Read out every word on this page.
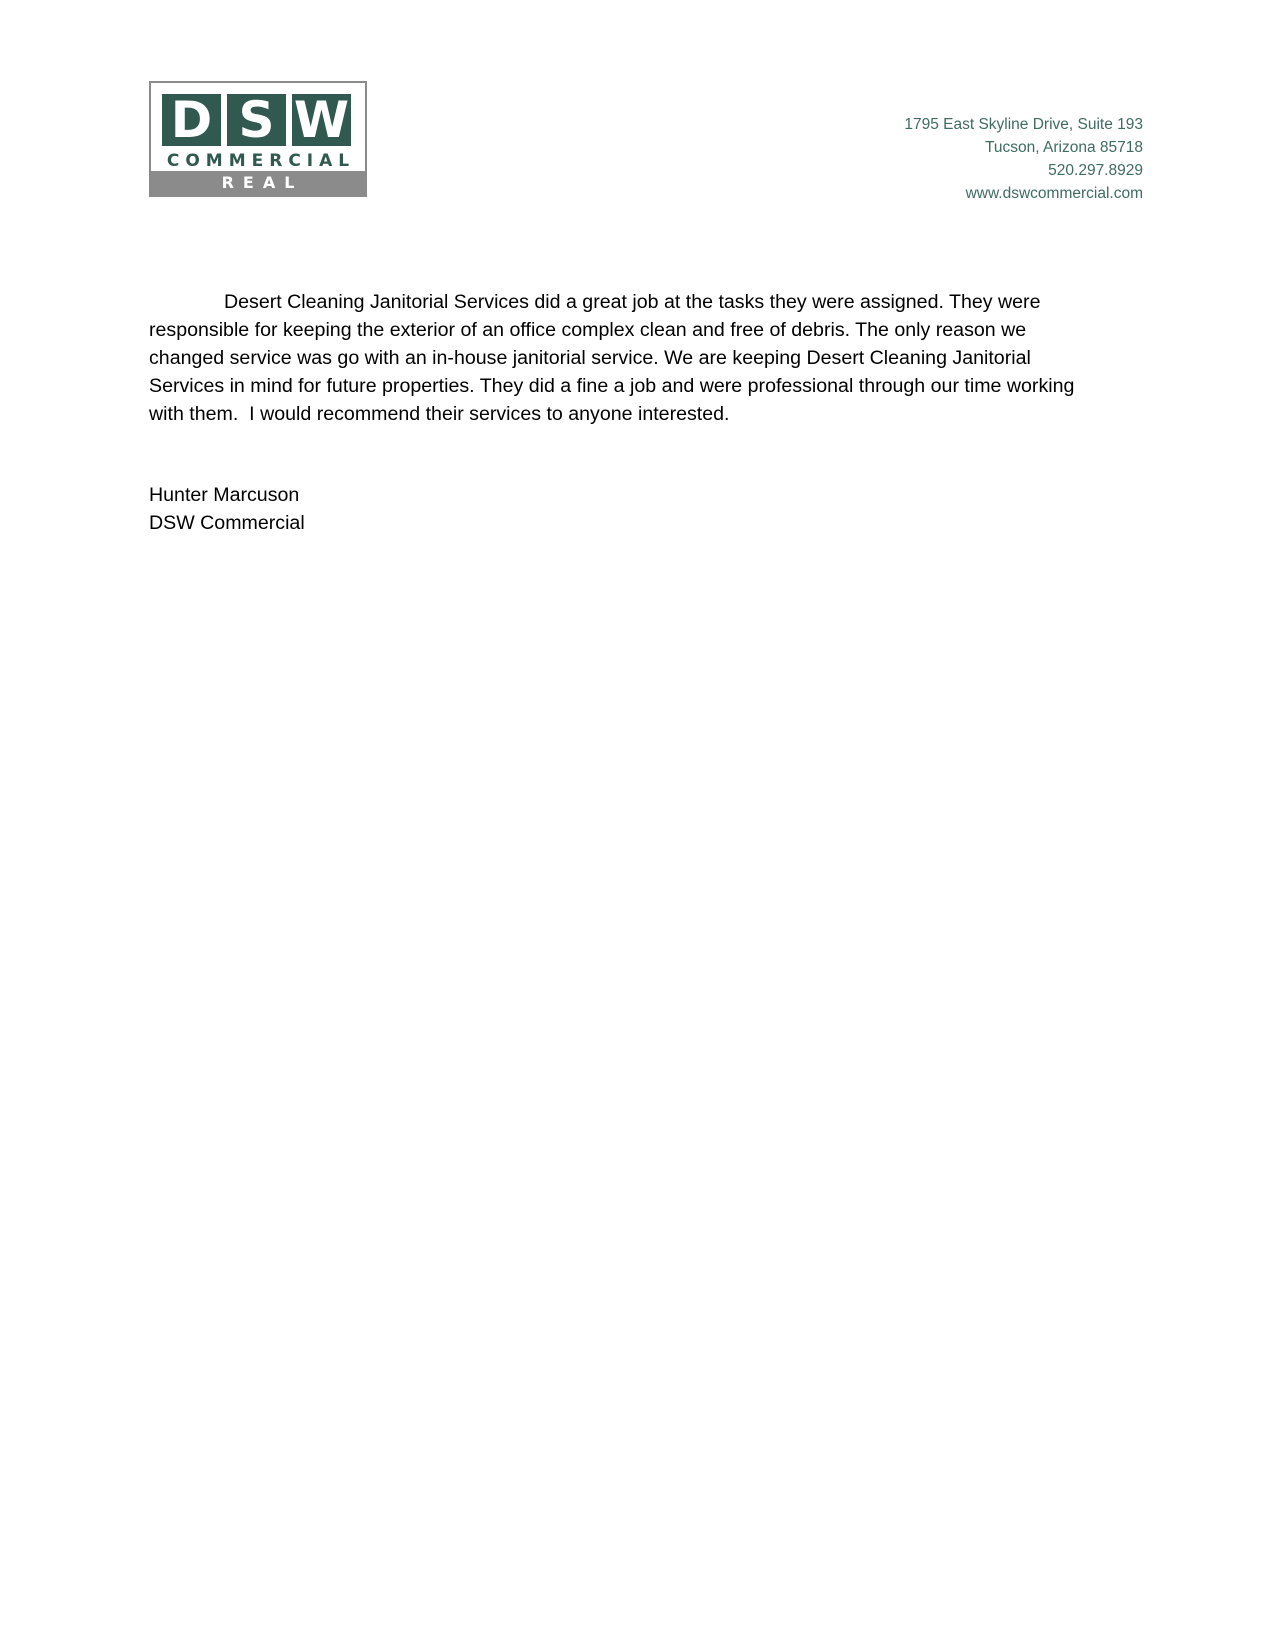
D S W
COMMERCIAL
REAL ESTATE
1795 East Skyline Drive, Suite 193
Tucson, Arizona 85718
520.297.8929
www.dswcommercial.com

Desert Cleaning Janitorial Services did a great job at the tasks they were assigned. They were responsible for keeping the exterior of an office complex clean and free of debris. The only reason we changed service was go with an in-house janitorial service. We are keeping Desert Cleaning Janitorial Services in mind for future properties. They did a fine a job and were professional through our time working with them.  I would recommend their services to anyone interested.

Hunter Marcuson
DSW Commercial
